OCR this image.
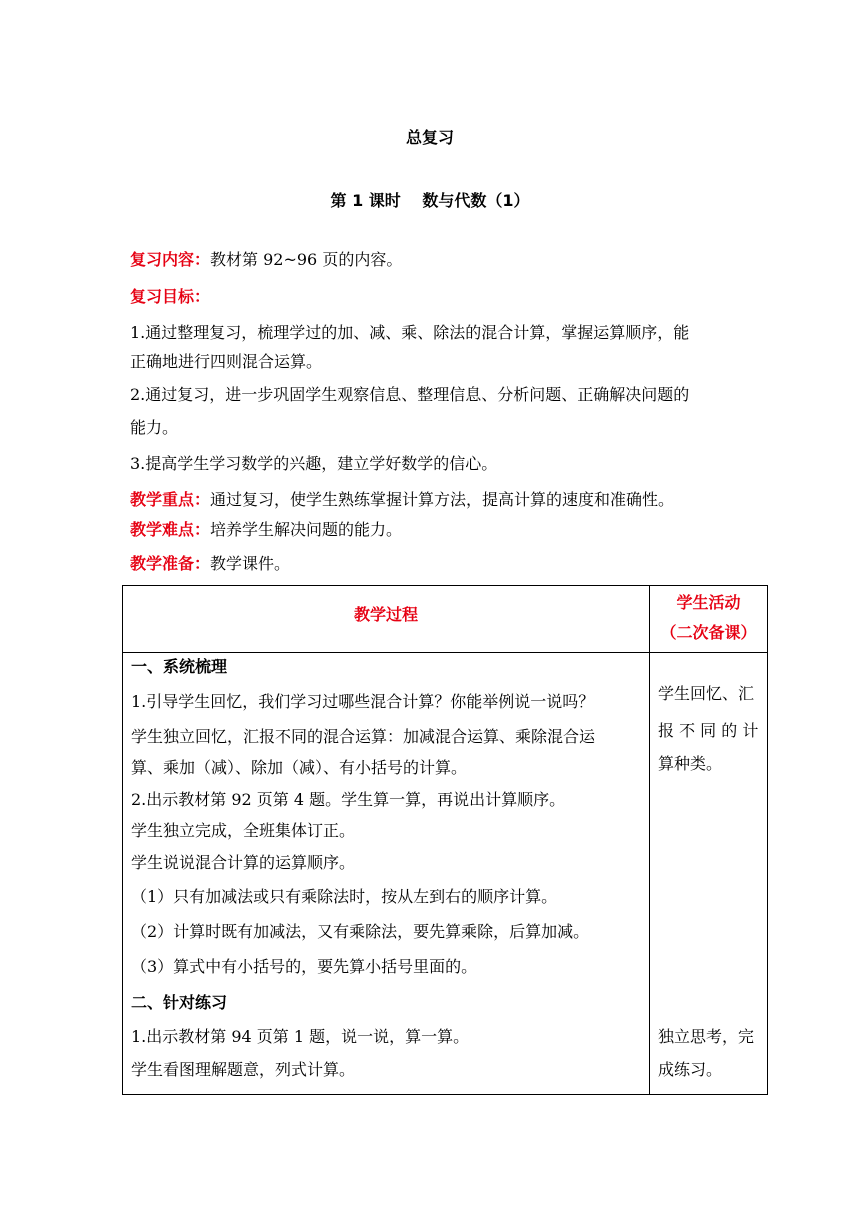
总复习
第 1 课时　 数与代数（1）
复习内容：教材第 92~96 页的内容。
复习目标：
1.通过整理复习，梳理学过的加、减、乘、除法的混合计算，掌握运算顺序，能
正确地进行四则混合运算。
2.通过复习，进一步巩固学生观察信息、整理信息、分析问题、正确解决问题的
能力。
3.提高学生学习数学的兴趣，建立学好数学的信心。
教学重点：通过复习，使学生熟练掌握计算方法，提高计算的速度和准确性。
教学难点：培养学生解决问题的能力。
教学准备：教学课件。
教学过程
学生活动
（二次备课）
一、系统梳理
1.引导学生回忆，我们学习过哪些混合计算？你能举例说一说吗？
学生独立回忆，汇报不同的混合运算：加减混合运算、乘除混合运
算、乘加（减）、除加（减）、有小括号的计算。
2.出示教材第 92 页第 4 题。学生算一算，再说出计算顺序。
学生独立完成，全班集体订正。
学生说说混合计算的运算顺序。
（1）只有加减法或只有乘除法时，按从左到右的顺序计算。
（2）计算时既有加减法，又有乘除法，要先算乘除，后算加减。
（3）算式中有小括号的，要先算小括号里面的。
二、针对练习
1.出示教材第 94 页第 1 题，说一说，算一算。
学生看图理解题意，列式计算。
学生回忆、汇
报 不 同 的 计
算种类。
独立思考，完
成练习。
